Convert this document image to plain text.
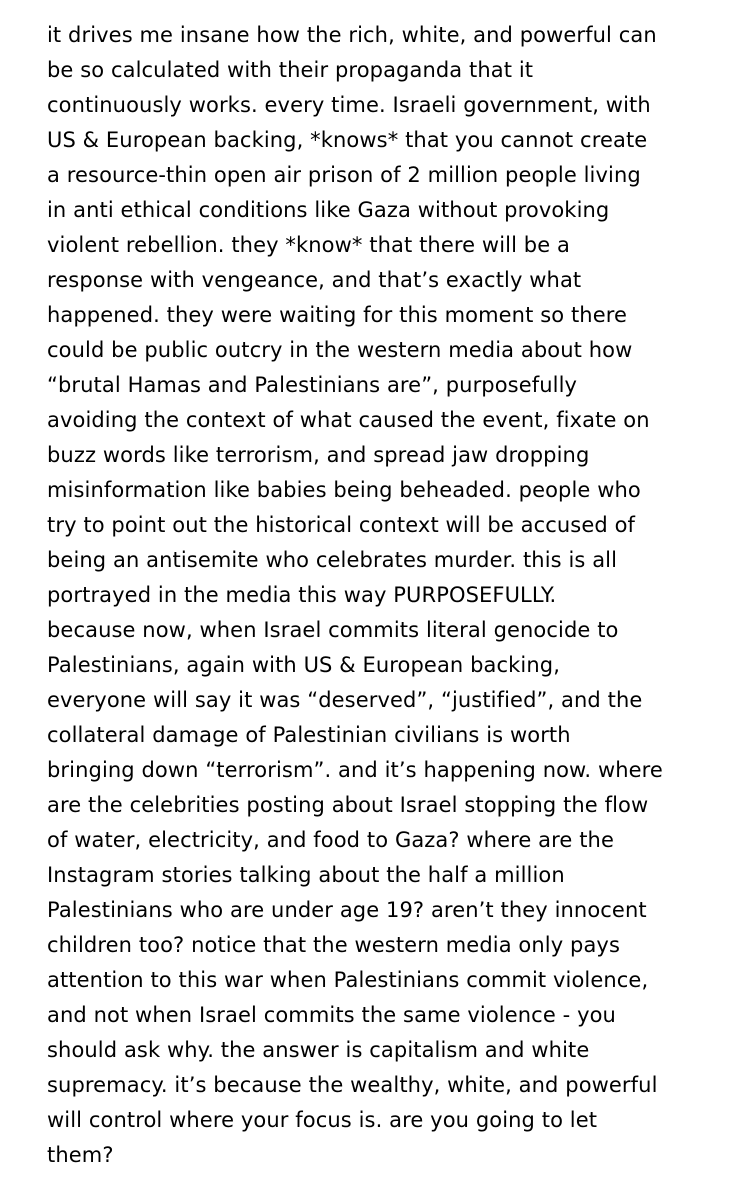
it drives me insane how the rich, white, and powerful can
be so calculated with their propaganda that it
continuously works. every time. Israeli government, with
US & European backing, *knows* that you cannot create
a resource-thin open air prison of 2 million people living
in anti ethical conditions like Gaza without provoking
violent rebellion. they *know* that there will be a
response with vengeance, and that’s exactly what
happened. they were waiting for this moment so there
could be public outcry in the western media about how
“brutal Hamas and Palestinians are”, purposefully
avoiding the context of what caused the event, fixate on
buzz words like terrorism, and spread jaw dropping
misinformation like babies being beheaded. people who
try to point out the historical context will be accused of
being an antisemite who celebrates murder. this is all
portrayed in the media this way PURPOSEFULLY.
because now, when Israel commits literal genocide to
Palestinians, again with US & European backing,
everyone will say it was “deserved”, “justified”, and the
collateral damage of Palestinian civilians is worth
bringing down “terrorism”. and it’s happening now. where
are the celebrities posting about Israel stopping the flow
of water, electricity, and food to Gaza? where are the
Instagram stories talking about the half a million
Palestinians who are under age 19? aren’t they innocent
children too? notice that the western media only pays
attention to this war when Palestinians commit violence,
and not when Israel commits the same violence - you
should ask why. the answer is capitalism and white
supremacy. it’s because the wealthy, white, and powerful
will control where your focus is. are you going to let
them?
